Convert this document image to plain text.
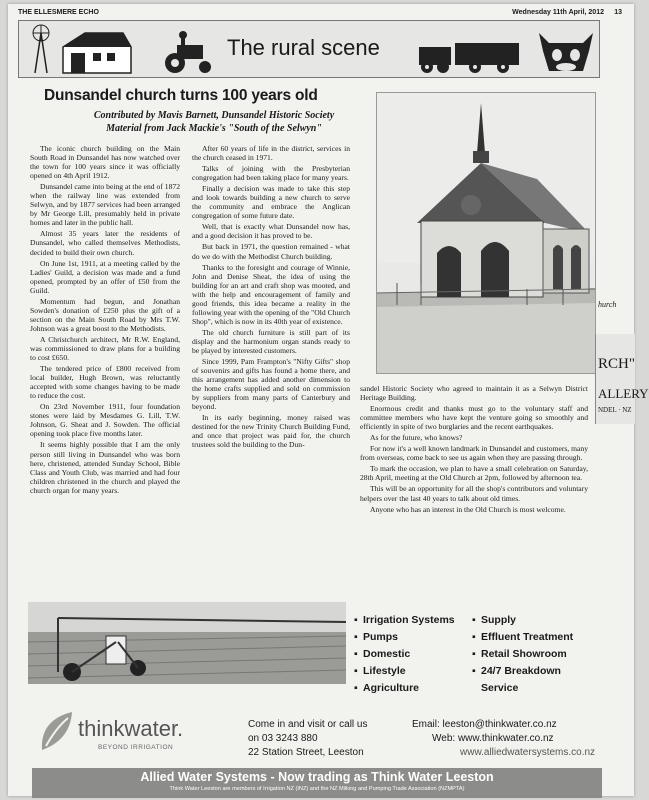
THE ELLESMERE ECHO	Wednesday 11th April, 2012 13
The rural scene
Dunsandel church turns 100 years old
Contributed by Mavis Barnett, Dunsandel Historic Society
Material from Jack Mackie's "South of the Selwyn"

The iconic church building on the Main South Road in Dunsandel has now watched over the town for 100 years since it was officially opened on 4th April 1912.

Dunsandel came into being at the end of 1872 when the railway line was extended from Selwyn, and by 1877 services had been arranged by Mr George Lill, presumably held in private homes and later in the public hall.

Almost 35 years later the residents of Dunsandel, who called themselves Methodists, decided to build their own church.

On June 1st, 1911, at a meeting called by the Ladies' Guild, a decision was made and a fund opened, prompted by an offer of £50 from the Guild.

Momentum had begun, and Jonathan Sowden's donation of £250 plus the gift of a section on the Main South Road by Mrs T.W. Johnson was a great boost to the Methodists.

A Christchurch architect, Mr R.W. England, was commissioned to draw plans for a building to cost £650.

The tendered price of £800 received from local builder, Hugh Brown, was reluctantly accepted with some changes having to be made to reduce the cost.

On 23rd November 1911, four foundation stones were laid by Mesdames G. Lill, T.W. Johnson, G. Sheat and J. Sowden. The official opening took place five months later.

It seems highly possible that I am the only person still living in Dunsandel who was born here, christened, attended Sunday School, Bible Class and Youth Club, was married and had four children christened in the church and played the church organ for many years.

After 60 years of life in the district, services in the church ceased in 1971.

Talks of joining with the Presbyterian congregation had been taking place for many years.

Finally a decision was made to take this step and look towards building a new church to serve the community and embrace the Anglican congregation of some future date.

Well, that is exactly what Dunsandel now has, and a good decision it has proved to be.

But back in 1971, the question remained - what do we do with the Methodist Church building.

Thanks to the foresight and courage of Winnie, John and Denise Sheat, the idea of using the building for an art and craft shop was mooted, and with the help and encouragement of family and good friends, this idea became a reality in the following year with the opening of the "Old Church Shop", which is now in its 40th year of existence.

The old church furniture is still part of its display and the harmonium organ stands ready to be played by interested customers.

Since 1999, Pam Frampton's "Nifty Gifts" shop of souvenirs and gifts has found a home there, and this arrangement has added another dimension to the home crafts supplied and sold on commission by suppliers from many parts of Canterbury and beyond.

In its early beginning, money raised was destined for the new Trinity Church Building Fund, and once that project was paid for, the church trustees sold the building to the Dun-

hurch
RCH"
ALLERY
NDEL · NZ

sandel Historic Society who agreed to maintain it as a Selwyn District Heritage Building.

Enormous credit and thanks must go to the voluntary staff and committee members who have kept the venture going so smoothly and efficiently in spite of two burglaries and the recent earthquakes.

As for the future, who knows?

For now it's a well known landmark in Dunsandel and customers, many from overseas, come back to see us again when they are passing through.

To mark the occasion, we plan to have a small celebration on Saturday, 28th April, meeting at the Old Church at 2pm, followed by afternoon tea.

This will be an opportunity for all the shop's contributors and voluntary helpers over the last 40 years to talk about old times.

Anyone who has an interest in the Old Church is most welcome.

▪ Irrigation Systems
▪ Pumps
▪ Domestic
▪ Lifestyle
▪ Agriculture
▪ Supply
▪ Effluent Treatment
▪ Retail Showroom
▪ 24/7 Breakdown
Service
thinkwater.
BEYOND IRRIGATION
Come in and visit or call us
on 03 3243 880
22 Station Street, Leeston
Email: leeston@thinkwater.co.nz
Web: www.thinkwater.co.nz
www.alliedwatersystems.co.nz
Allied Water Systems - Now trading as Think Water Leeston
Think Water Leeston are members of Irrigation NZ (INZ) and the NZ Milking and Pumping Trade Association (NZMPTA)
